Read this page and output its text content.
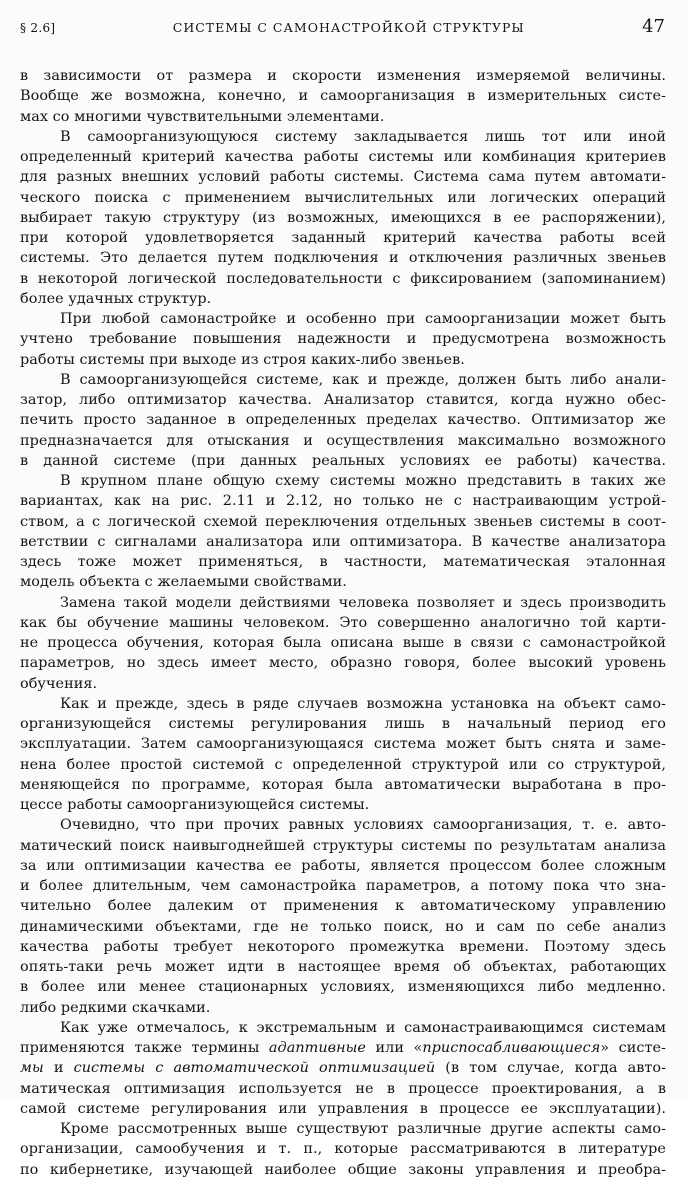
§ 2.6]	СИСТЕМЫ С САМОНАСТРОЙКОЙ СТРУКТУРЫ	47
в зависимости от размера и скорости изменения измеряемой величины.
Вообще же возможна, конечно, и самоорганизация в измерительных систе-
мах со многими чувствительными элементами.
В самоорганизующуюся систему закладывается лишь тот или иной
определенный критерий качества работы системы или комбинация критериев
для разных внешних условий работы системы. Система сама путем автомати-
ческого поиска с применением вычислительных или логических операций
выбирает такую структуру (из возможных, имеющихся в ее распоряжении),
при которой удовлетворяется заданный критерий качества работы всей
системы. Это делается путем подключения и отключения различных звеньев
в некоторой логической последовательности с фиксированием (запоминанием)
более удачных структур.
При любой самонастройке и особенно при самоорганизации может быть
учтено требование повышения надежности и предусмотрена возможность
работы системы при выходе из строя каких-либо звеньев.
В самоорганизующейся системе, как и прежде, должен быть либо анали-
затор, либо оптимизатор качества. Анализатор ставится, когда нужно обес-
печить просто заданное в определенных пределах качество. Оптимизатор же
предназначается для отыскания и осуществления максимально возможного
в данной системе (при данных реальных условиях ее работы) качества.
В крупном плане общую схему системы можно представить в таких же
вариантах, как на рис. 2.11 и 2.12, но только не с настраивающим устрой-
ством, а с логической схемой переключения отдельных звеньев системы в соот-
ветствии с сигналами анализатора или оптимизатора. В качестве анализатора
здесь тоже может применяться, в частности, математическая эталонная
модель объекта с желаемыми свойствами.
Замена такой модели действиями человека позволяет и здесь производить
как бы обучение машины человеком. Это совершенно аналогично той карти-
не процесса обучения, которая была описана выше в связи с самонастройкой
параметров, но здесь имеет место, образно говоря, более высокий уровень
обучения.
Как и прежде, здесь в ряде случаев возможна установка на объект само-
организующейся системы регулирования лишь в начальный период его
эксплуатации. Затем самоорганизующаяся система может быть снята и заме-
нена более простой системой с определенной структурой или со структурой,
меняющейся по программе, которая была автоматически выработана в про-
цессе работы самоорганизующейся системы.
Очевидно, что при прочих равных условиях самоорганизация, т. е. авто-
матический поиск наивыгоднейшей структуры системы по результатам анализа
за или оптимизации качества ее работы, является процессом более сложным
и более длительным, чем самонастройка параметров, а потому пока что зна-
чительно более далеким от применения к автоматическому управлению
динамическими объектами, где не только поиск, но и сам по себе анализ
качества работы требует некоторого промежутка времени. Поэтому здесь
опять-таки речь может идти в настоящее время об объектах, работающих
в более или менее стационарных условиях, изменяющихся либо медленно.
либо редкими скачками.
Как уже отмечалось, к экстремальным и самонастраивающимся системам
применяются также термины адаптивные или «приспосабливающиеся» систе-
мы и системы с автоматической оптимизацией (в том случае, когда авто-
матическая оптимизация используется не в процессе проектирования, а в
самой системе регулирования или управления в процессе ее эксплуатации).
Кроме рассмотренных выше существуют различные другие аспекты само-
организации, самообучения и т. п., которые рассматриваются в литературе
по кибернетике, изучающей наиболее общие законы управления и преобра-
